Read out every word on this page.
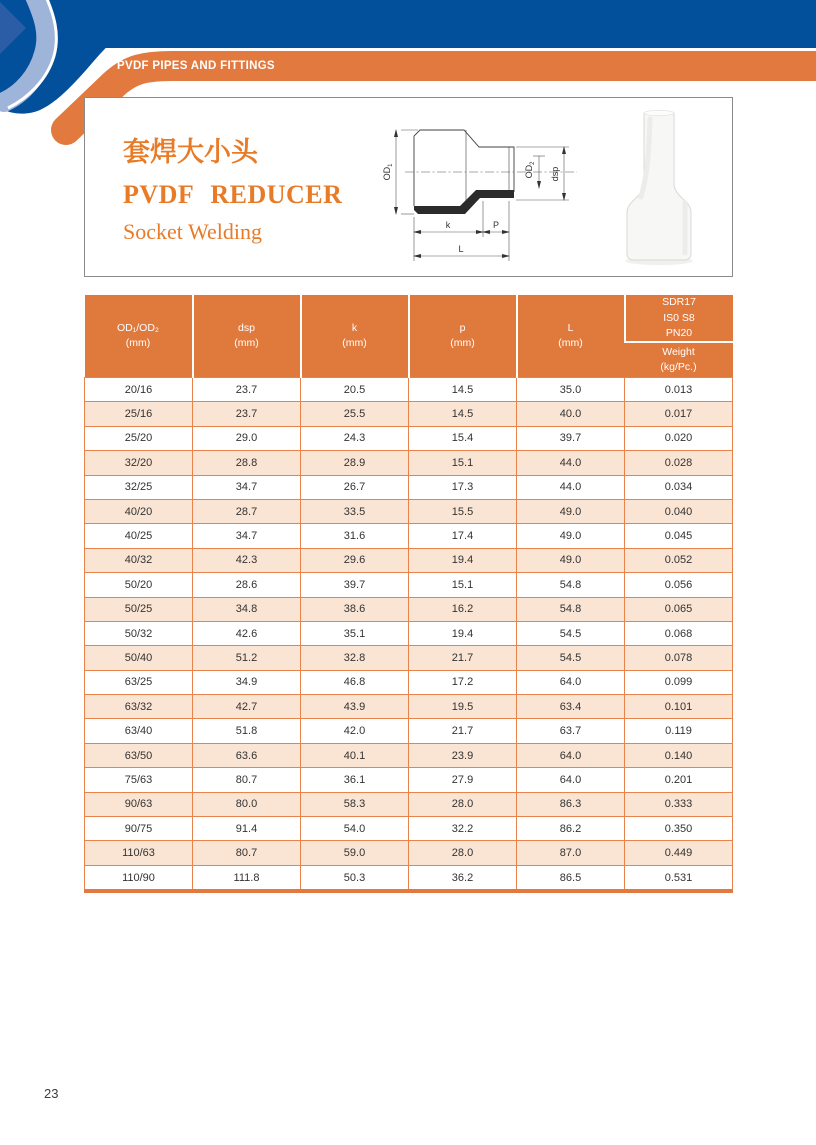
PVDF PIPES AND FITTINGS
套焊大小头
PVDF REDUCER
Socket Welding
$OD_1$	$OD_2$
dsp
k	P
L
OD₁/OD₂
(mm)

dsp
(mm)

k
(mm)

p
(mm)

L
(mm)

SDR17
IS0 S8
PN20

					Weight
(kg/Pc.)

20/16	23.7	20.5	14.5	35.0	0.013
25/16	23.7	25.5	14.5	40.0	0.017
25/20	29.0	24.3	15.4	39.7	0.020
32/20	28.8	28.9	15.1	44.0	0.028
32/25	34.7	26.7	17.3	44.0	0.034
40/20	28.7	33.5	15.5	49.0	0.040
40/25	34.7	31.6	17.4	49.0	0.045
40/32	42.3	29.6	19.4	49.0	0.052
50/20	28.6	39.7	15.1	54.8	0.056
50/25	34.8	38.6	16.2	54.8	0.065
50/32	42.6	35.1	19.4	54.5	0.068
50/40	51.2	32.8	21.7	54.5	0.078
63/25	34.9	46.8	17.2	64.0	0.099
63/32	42.7	43.9	19.5	63.4	0.101
63/40	51.8	42.0	21.7	63.7	0.119
63/50	63.6	40.1	23.9	64.0	0.140
75/63	80.7	36.1	27.9	64.0	0.201
90/63	80.0	58.3	28.0	86.3	0.333
90/75	91.4	54.0	32.2	86.2	0.350
110/63	80.7	59.0	28.0	87.0	0.449
110/90	111.8	50.3	36.2	86.5	0.531
23
